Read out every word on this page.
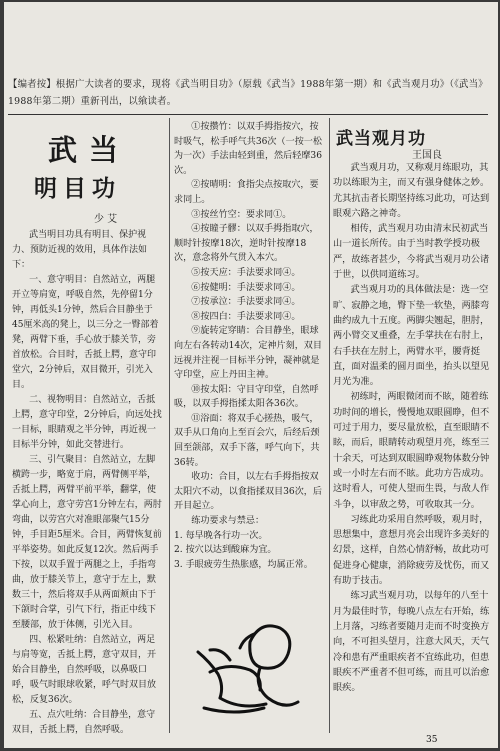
【编者按】根据广大读者的要求，现将《武当明目功》（原载《武当》1988年第一期）和《武当观月功》（《武当》1988年第二期）重新刊出，以飨读者。
武当
明目功
少 艾

武当明目功具有明目、保护视力、预防近视的效用，具体作法如下：

一、意守明目：自然站立，两腿开立等肩宽，呼吸自然，先停留1分钟，再低头1分钟，然后合目静坐于45厘米高的凳上，以三分之一臀部着凳，两臂下垂，手心放于膝关节，旁首放松。合目时，舌抵上腭，意守印堂穴，2分钟后，双目微开，引光入目。

二、视物明目：自然站立，舌抵上腭，意守印堂，2分钟后，向远处找一目标，眼睛观之半分钟，再近视一目标半分钟，如此交替进行。

三、引气聚目：自然站立，左脚横跨一步，略宽于肩，两臂侧平举，舌抵上腭，两臂平前平举，翻掌，使掌心向上，意守劳宫1分钟左右，两肘弯曲，以劳宫穴对准眼部聚气15分钟，手目距5厘米。合目，两臂恢复前平举姿势。如此反复12次。然后两手下按，以双手置于两腿之上，手指弯曲，放于膝关节上，意守于左上，默数三十，然后将双手从两面颊由下于下颌时合掌，引气下行，指正中线下至腰部，放于体侧，引光入目。

四、松紧吐纳：自然站立，两足与肩等宽，舌抵上腭，意守双目，开始合目静坐，自然呼吸，以鼻吸口呼，吸气时眼球收紧，呼气时双目放松，反复36次。

五、点穴吐纳：合目静坐，意守双目，舌抵上腭，自然呼吸。

①按攒竹：以双手拇指按穴，按时吸气，松手呼气共36次（一按一松为一次）手法由轻到重，然后轻摩36次。

②按晴明：食指尖点按取穴，要求同上。

③按丝竹空：要求同①。

④按瞳子髎：以双手拇指取穴，顺时针按摩18次，逆时针按摩18次，意念将外气贯入本穴。

⑤按天应：手法要求同④。

⑥按健明：手法要求同④。

⑦按承泣：手法要求同④。

⑧按四白：手法要求同④。

⑨旋转定穿睛：合目静坐，眼球向左右各转动14次，定神片刻，双目远视并注视一目标半分钟，凝神就是守印堂，应上丹田主神。

⑩按太阳：守目守印堂，自然呼吸，以双手拇指揉太阳各36次。

⑪浴面：将双手心搓热，吸气，双手从口角向上至百会穴，后经后颈回至颌部，双手下落，呼气向下，共36转。

收功：合目，以左右手拇指按双太阳穴不动，以食指揉双目36次，后开目起立。

练功要求与禁忌：

1. 每早晚各行功一次。

2. 按穴以达到酸麻为宜。

3. 手眼疲劳生热胀感，均属正常。

武当观月功
王国良

武当观月功，又称观月练眼功，其功以练眼为主，而又有强身健体之妙。尤其抗击者长期坚持练习此功，可达到眼观六路之神奇。

相传，武当观月功由清末民初武当山一道长所传。由于当时教学授功极严，故练者甚少，今将武当观月功公诸于世，以供同道练习。

武当观月功的具体做法是：选一空旷、寂静之地，臀下垫一软垫，两膝弯曲约成九十五度。两脚尖翘起，胆肘，两小臂交叉重叠，左手掌扶在右肘上，右手扶在左肘上，两臂水平，腰背挺直，面对温柔的圆月面坐，抬头以望见月光为准。

初练时，两眼微闭而不眩，随着练功时间的增长，慢慢地双眼圆睁，但不可过于用力，要尽量放松，直至眼睛不眩，而后，眼睛转动观望月亮，练至三十余天，可达到双眼圆睁观物体数分钟或一小时左右而不眩。此功方告成功。这时看人，可使人望而生畏，与敌人作斗争，以审敌之势，可收取其一分。

习练此功采用自然呼吸，观月时，思想集中，意想月亮会出现许多美好的幻景，这样，自然心情舒畅，故此功可促进身心健康，消除疲劳及忧伤，而又有助于技击。

练习武当观月功，以每年的八至十月为最佳时节，每晚八点左右开始，练上月落，习练者要随月走而不时变换方向，不可担头望月，注意大风天，天气冷和患有严重眼疾者不宜练此功，但患眼疾不严重者不但可练，而且可以治愈眼疾。

35
